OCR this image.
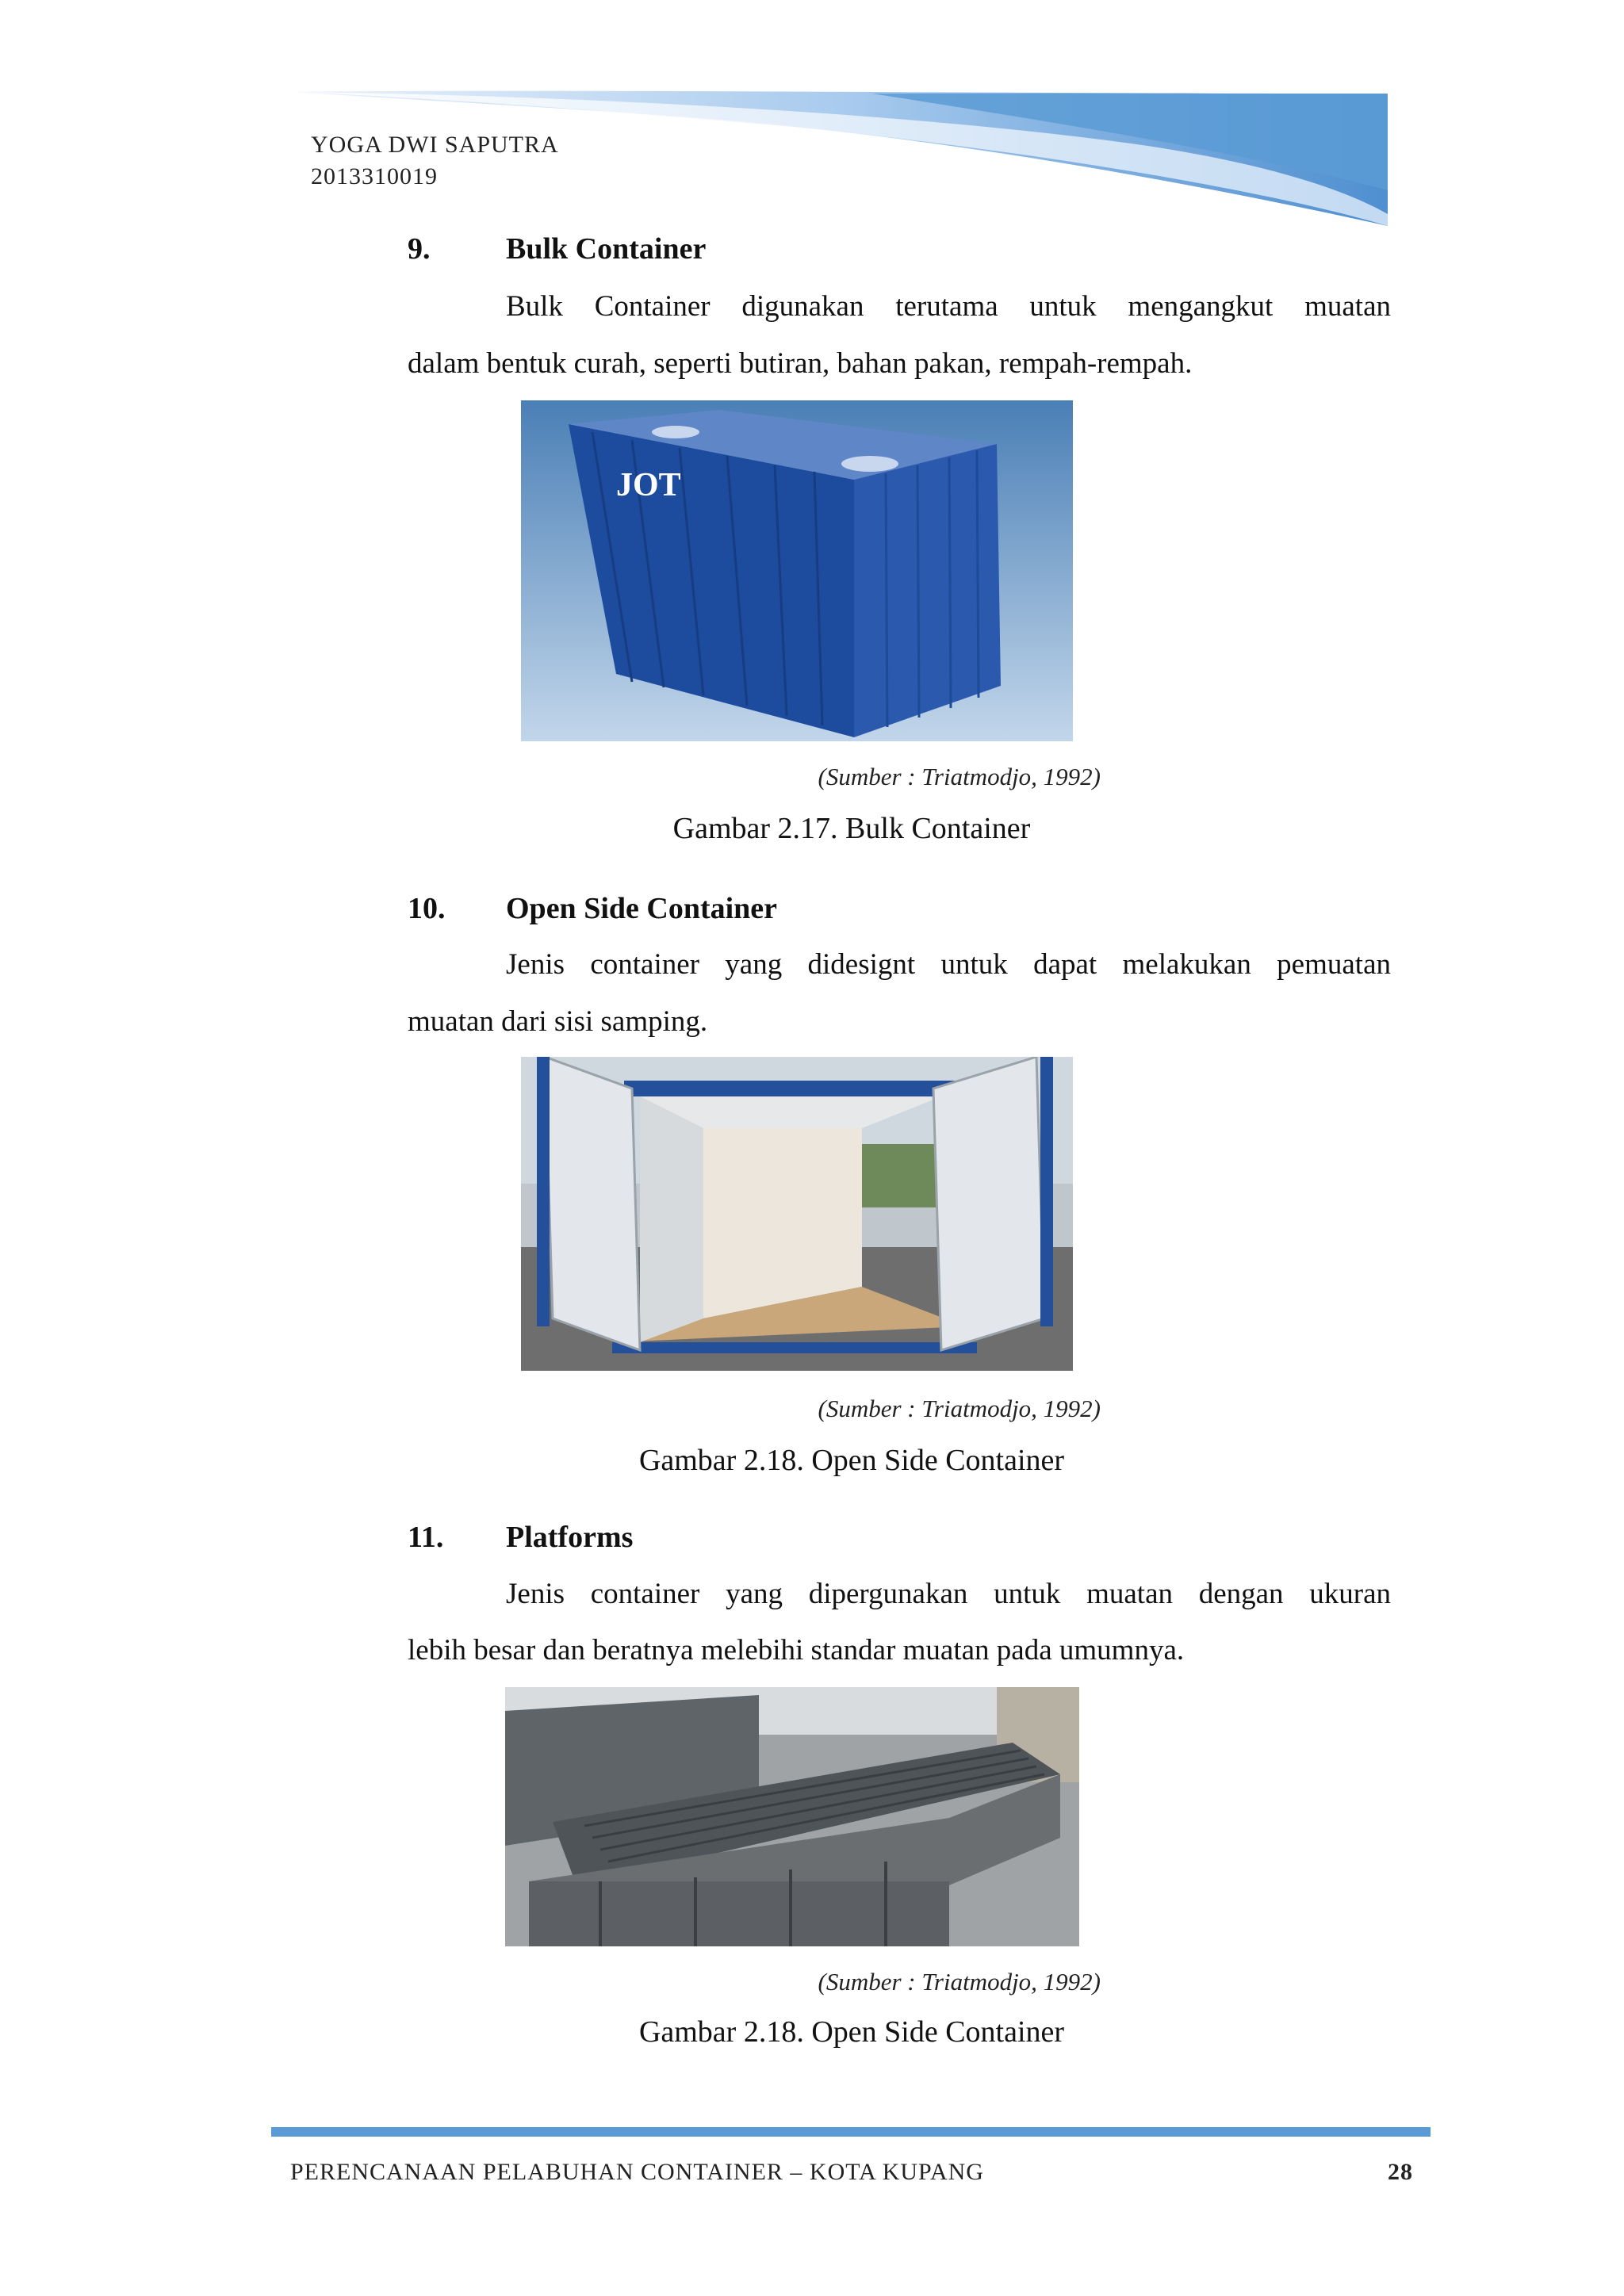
YOGA DWI SAPUTRA
2013310019
9.	Bulk Container
Bulk Container digunakan terutama untuk mengangkut muatan
dalam bentuk curah, seperti butiran, bahan pakan, rempah-rempah.
JOT
(Sumber : Triatmodjo, 1992)
Gambar 2.17. Bulk Container
10. Open Side Container
Jenis container yang didesignt untuk dapat melakukan pemuatan
muatan dari sisi samping.
(Sumber : Triatmodjo, 1992)
Gambar 2.18. Open Side Container
11. Platforms
Jenis container yang dipergunakan untuk muatan dengan ukuran
lebih besar dan beratnya melebihi standar muatan pada umumnya.
(Sumber : Triatmodjo, 1992)
Gambar 2.18. Open Side Container
PERENCANAAN PELABUHAN CONTAINER – KOTA KUPANG	28
